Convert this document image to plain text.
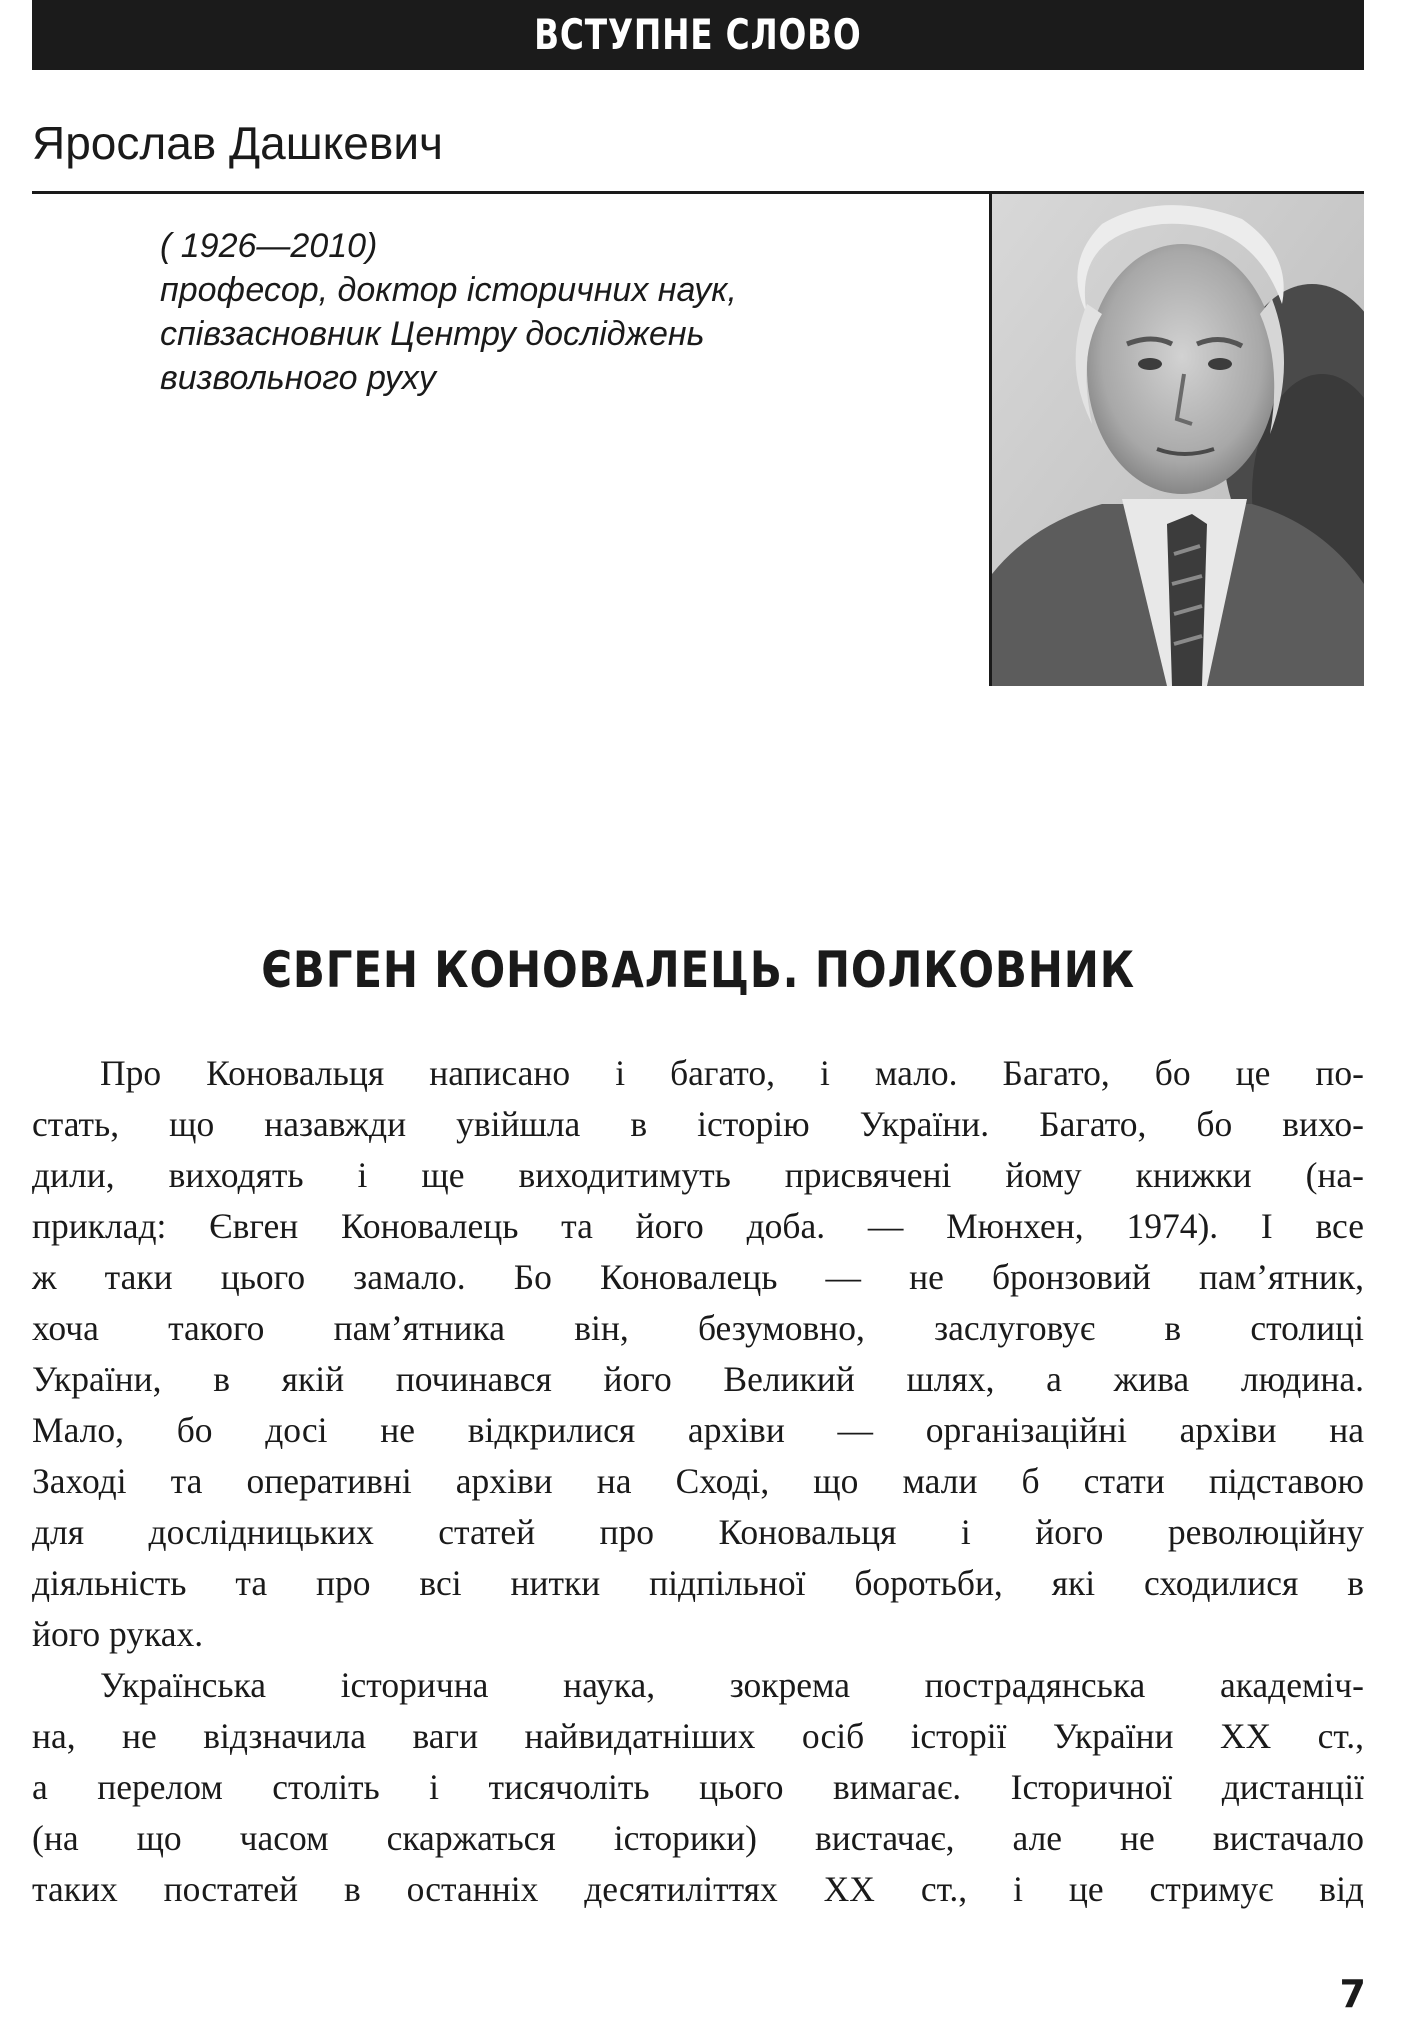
ВСТУПНЕ СЛОВО
Ярослав Дашкевич
( 1926—2010)
професор, доктор історичних наук,
співзасновник Центру досліджень
визвольного руху
ЄВГЕН КОНОВАЛЕЦЬ. ПОЛКОВНИК
Про Коновальця написано і багато, і мало. Багато, бо це по-
стать, що назавжди увійшла в історію України. Багато, бо вихо-
дили, виходять і ще виходитимуть присвячені йому книжки (на-
приклад: Євген Коновалець та його доба. — Мюнхен, 1974). І все
ж таки цього замало. Бо Коновалець — не бронзовий пам’ятник,
хоча такого пам’ятника він, безумовно, заслуговує в столиці
України, в якій починався його Великий шлях, а жива людина.
Мало, бо досі не відкрилися архіви — організаційні архіви на
Заході та оперативні архіви на Сході, що мали б стати підставою
для дослідницьких статей про Коновальця і його революційну
діяльність та про всі нитки підпільної боротьби, які сходилися в
його руках.
Українська історична наука, зокрема пострадянська академіч-
на, не відзначила ваги найвидатніших осіб історії України XX ст.,
а перелом століть і тисячоліть цього вимагає. Історичної дистанції
(на що часом скаржаться історики) вистачає, але не вистачало
таких постатей в останніх десятиліттях XX ст., і це стримує від
7
